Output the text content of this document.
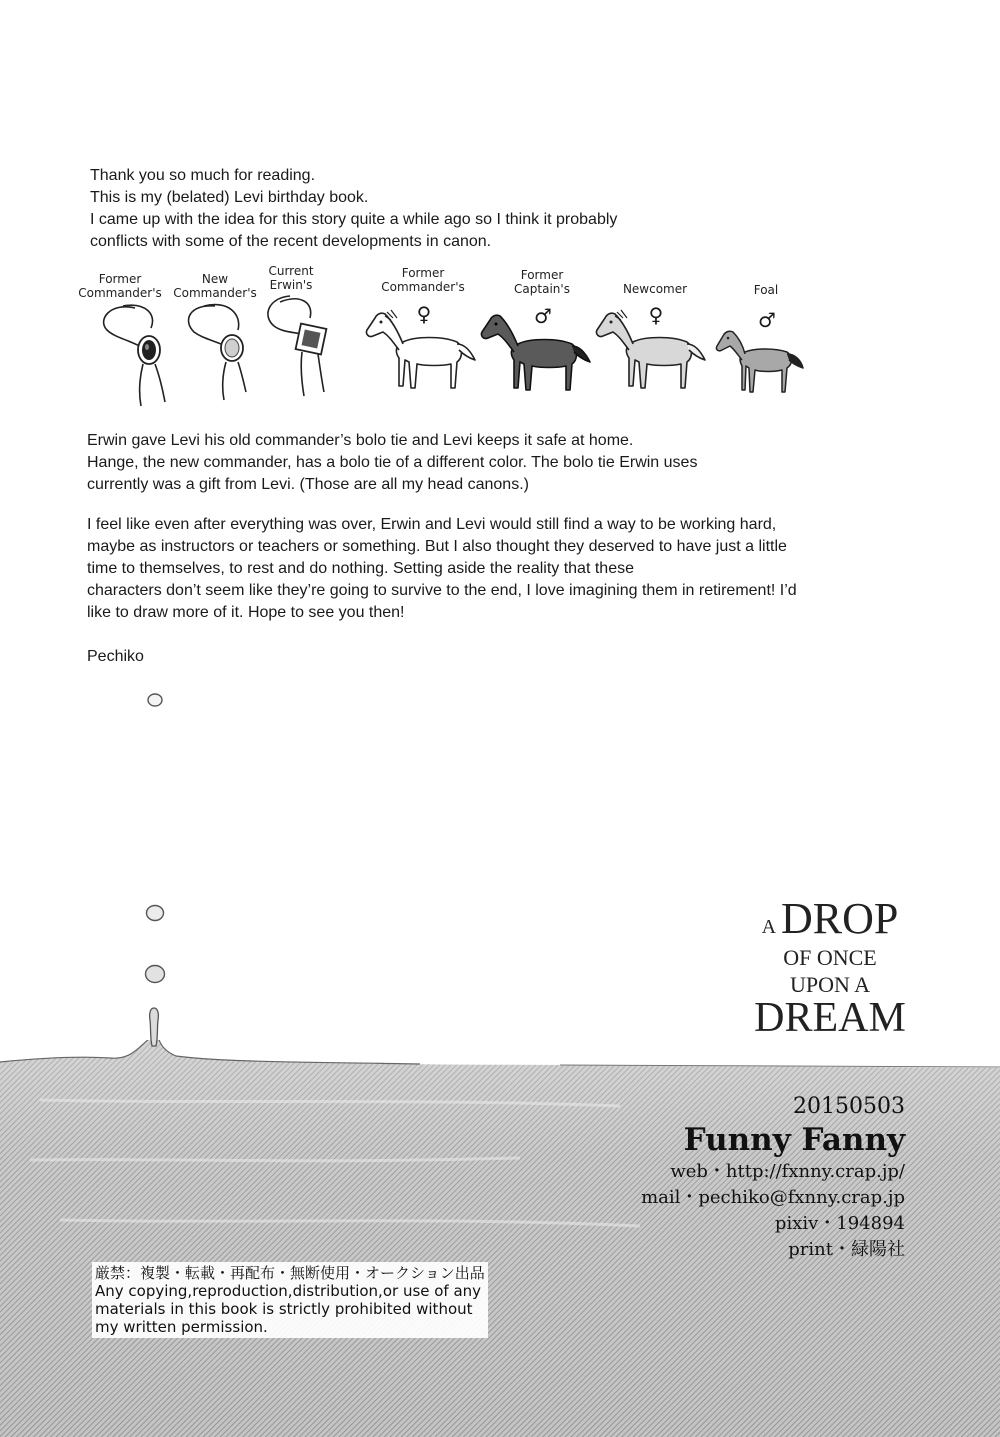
Thank you so much for reading.
This is my (belated) Levi birthday book.
I came up with the idea for this story quite a while ago so I think it probably
conflicts with some of the recent developments in canon.
Former
Commander's
New
Commander's
Current
Erwin's
Former
Commander's
♀
Former
Captain's
♂
Newcomer
♀
Foal
♂
Erwin gave Levi his old commander’s bolo tie and Levi keeps it safe at home.
Hange, the new commander, has a bolo tie of a different color. The bolo tie Erwin uses
currently was a gift from Levi. (Those are all my head canons.)
I feel like even after everything was over, Erwin and Levi would still find a way to be working hard,
maybe as instructors or teachers or something. But I also thought they deserved to have just a little
time to themselves, to rest and do nothing. Setting aside the reality that these
characters don’t seem like they’re going to survive to the end, I love imagining them in retirement! I’d
like to draw more of it. Hope to see you then!
Pechiko
A DROP
OF ONCE
UPON A
DREAM
20150503
Funny Fanny
web・http://fxnny.crap.jp/
mail・pechiko@fxnny.crap.jp
pixiv・194894
print・緑陽社
厳禁：複製・転載・再配布・無断使用・オークション出品
Any copying,reproduction,distribution,or use of any
materials in this book is strictly prohibited without
my written permission.
